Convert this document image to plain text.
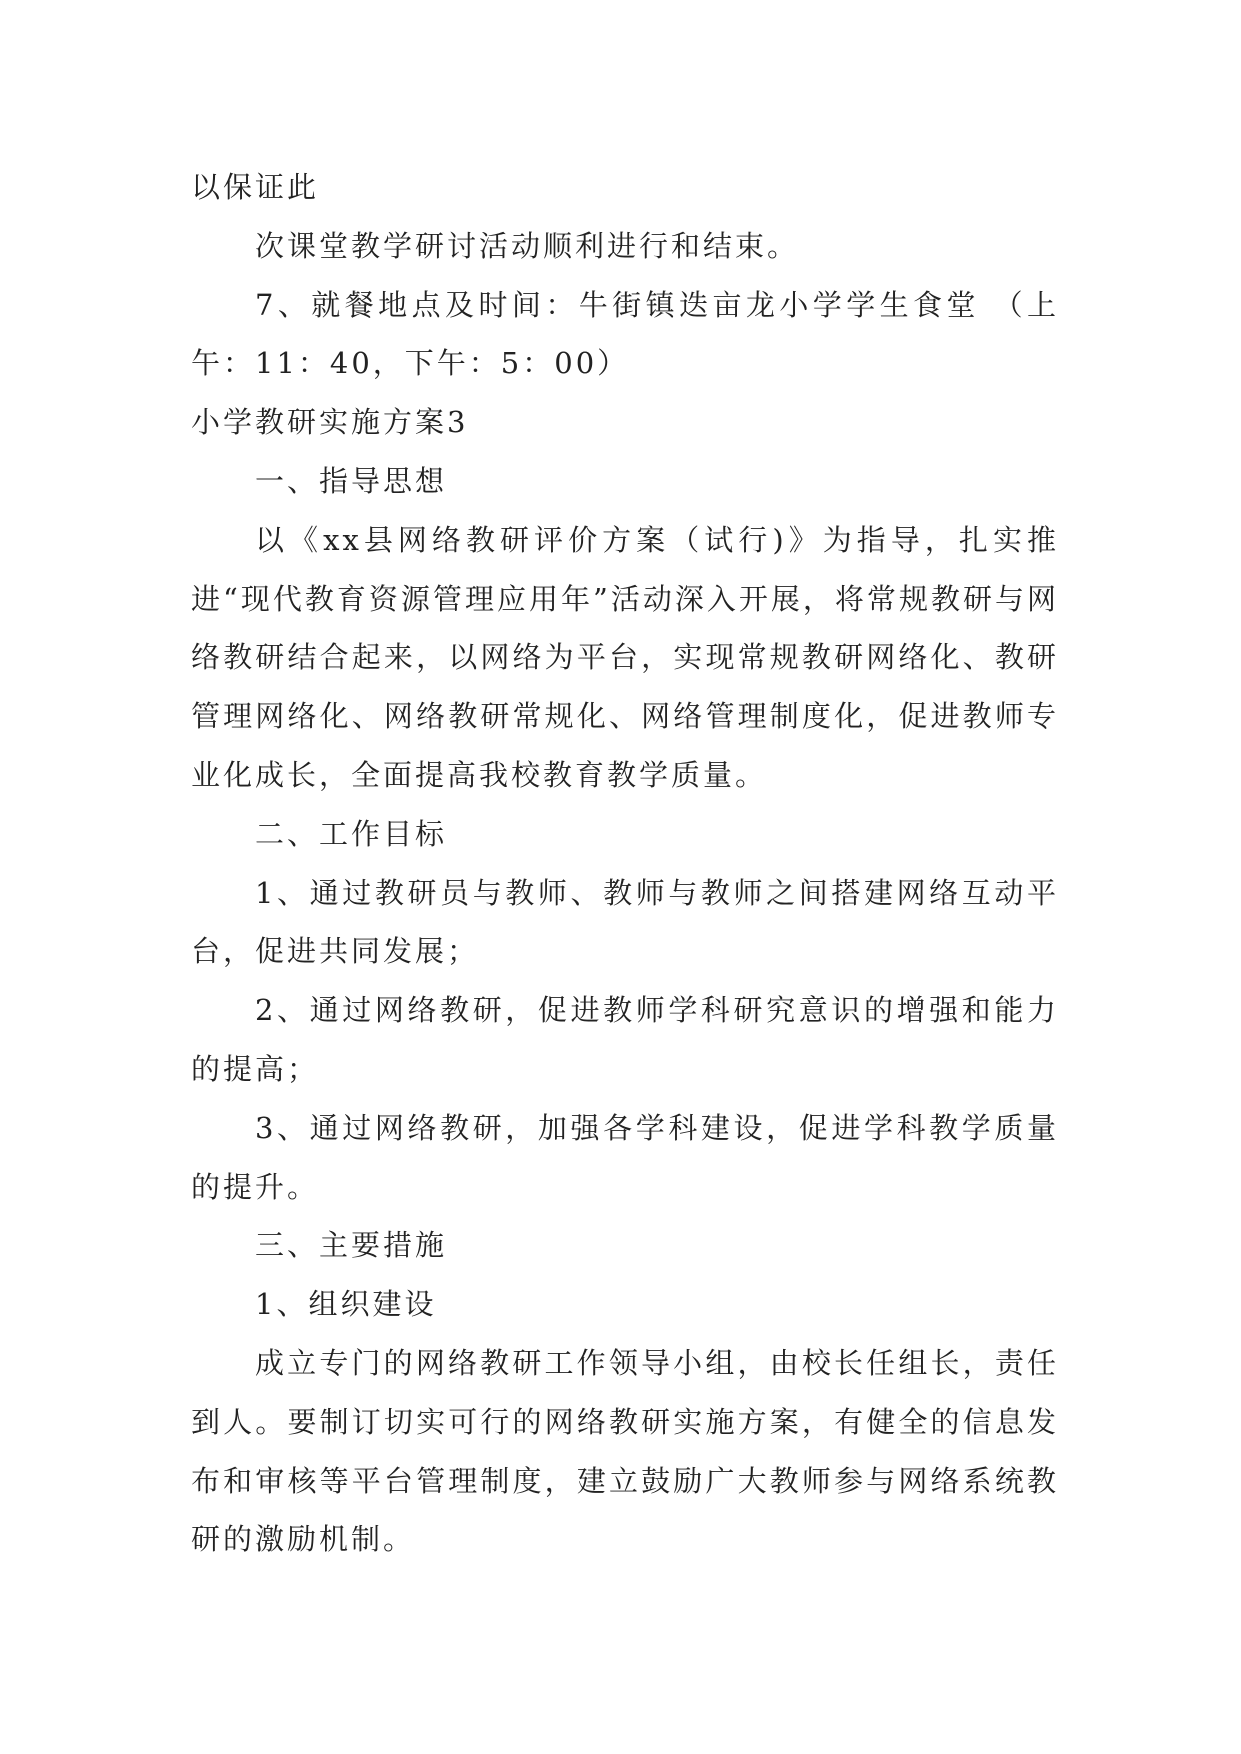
以保证此

次课堂教学研讨活动顺利进行和结束。

7、就餐地点及时间：牛街镇迭亩龙小学学生食堂 （上午：11：40，下午：5：00）

小学教研实施方案3

一、指导思想

以《xx县网络教研评价方案（试行)》为指导，扎实推进“现代教育资源管理应用年”活动深入开展，将常规教研与网络教研结合起来，以网络为平台，实现常规教研网络化、教研管理网络化、网络教研常规化、网络管理制度化，促进教师专业化成长，全面提高我校教育教学质量。

二、工作目标

1、通过教研员与教师、教师与教师之间搭建网络互动平台，促进共同发展；

2、通过网络教研，促进教师学科研究意识的增强和能力的提高；

3、通过网络教研，加强各学科建设，促进学科教学质量的提升。

三、主要措施

1、组织建设

成立专门的网络教研工作领导小组，由校长任组长，责任到人。要制订切实可行的网络教研实施方案，有健全的信息发布和审核等平台管理制度，建立鼓励广大教师参与网络系统教研的激励机制。
